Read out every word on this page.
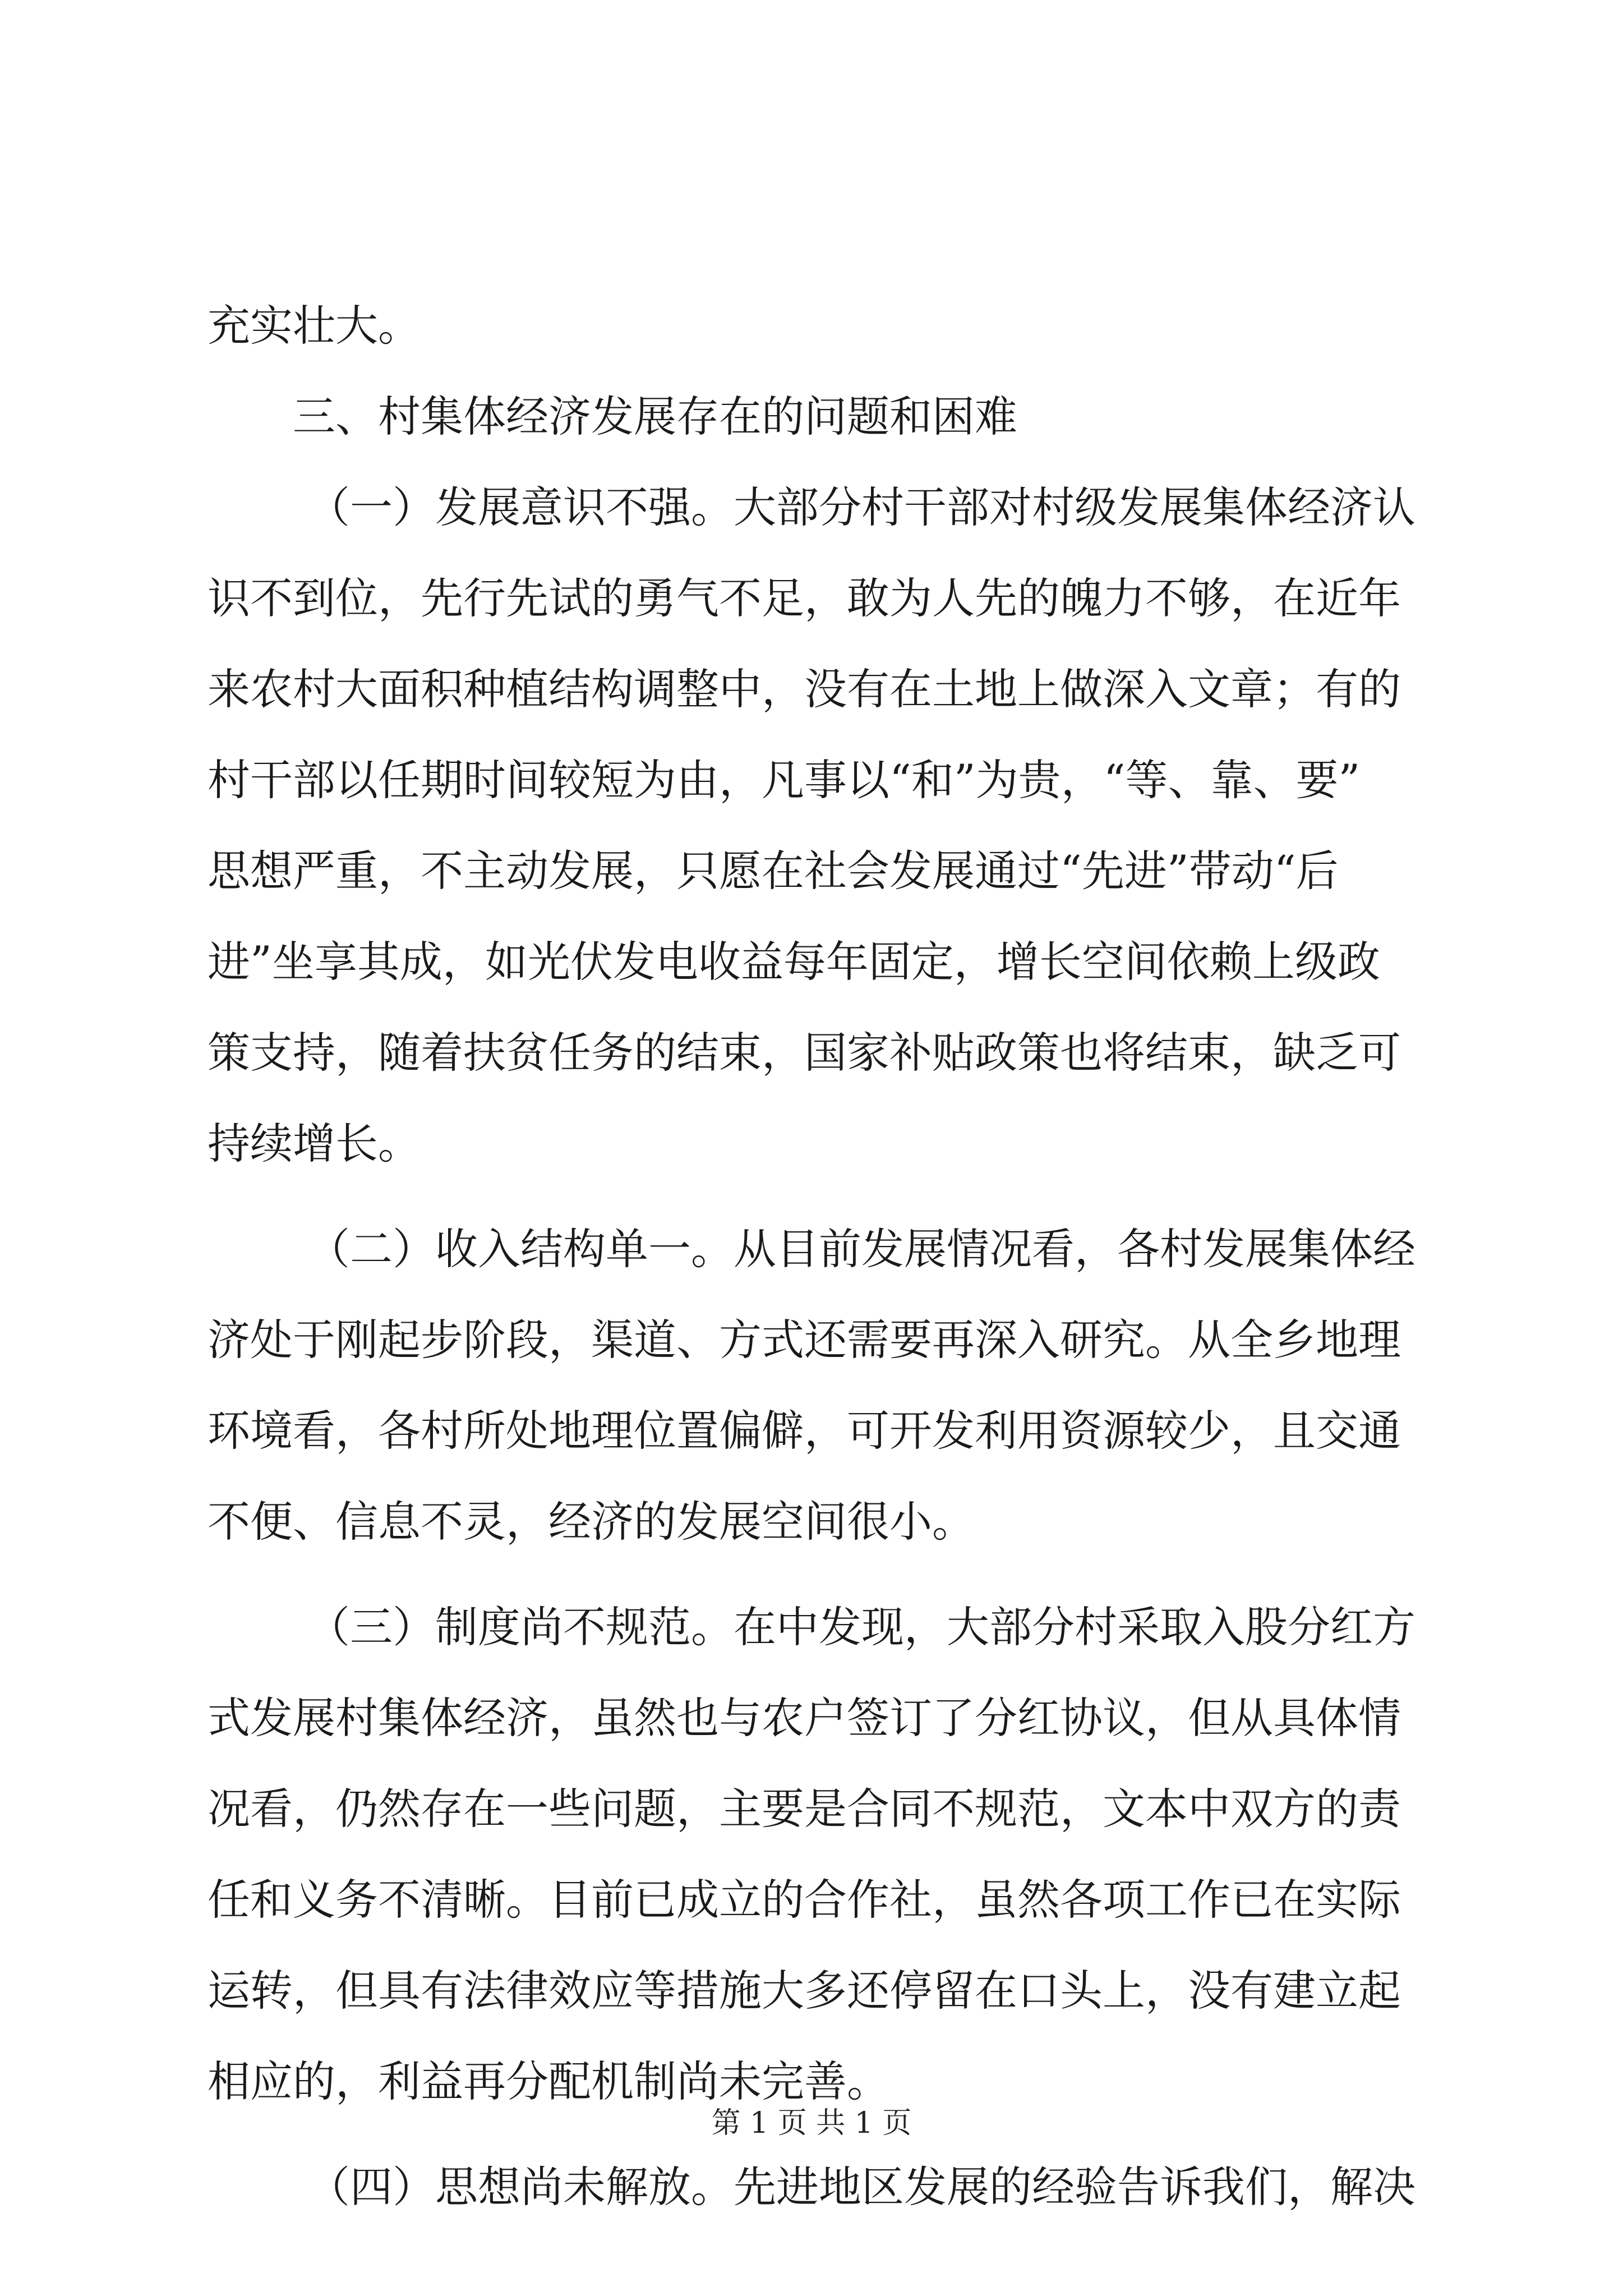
充实壮大。

三、村集体经济发展存在的问题和困难

（一）发展意识不强。大部分村干部对村级发展集体经济认

识不到位，先行先试的勇气不足，敢为人先的魄力不够，在近年

来农村大面积种植结构调整中，没有在土地上做深入文章；有的

村干部以任期时间较短为由，凡事以“和”为贵，“等、靠、要”

思想严重，不主动发展，只愿在社会发展通过“先进”带动“后

进”坐享其成，如光伏发电收益每年固定，增长空间依赖上级政

策支持，随着扶贫任务的结束，国家补贴政策也将结束，缺乏可

持续增长。

（二）收入结构单一。从目前发展情况看，各村发展集体经

济处于刚起步阶段，渠道、方式还需要再深入研究。从全乡地理

环境看，各村所处地理位置偏僻，可开发利用资源较少，且交通

不便、信息不灵，经济的发展空间很小。

（三）制度尚不规范。在中发现，大部分村采取入股分红方

式发展村集体经济，虽然也与农户签订了分红协议，但从具体情

况看，仍然存在一些问题，主要是合同不规范，文本中双方的责

任和义务不清晰。目前已成立的合作社，虽然各项工作已在实际

运转，但具有法律效应等措施大多还停留在口头上，没有建立起

相应的，利益再分配机制尚未完善。

（四）思想尚未解放。先进地区发展的经验告诉我们，解决

第 1 页 共 1 页
